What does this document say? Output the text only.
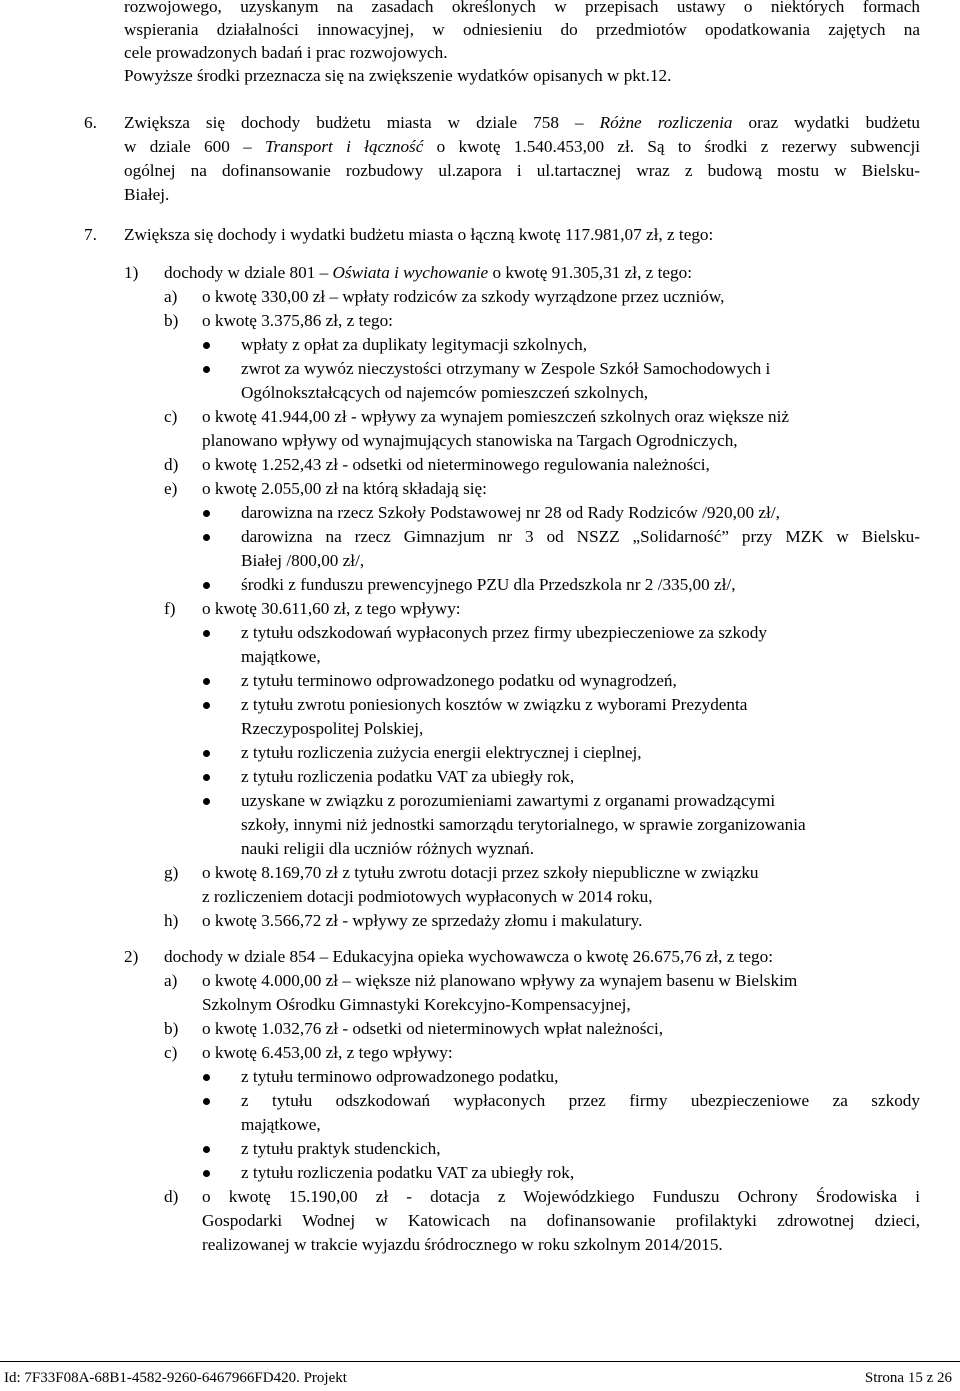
rozwojowego, uzyskanym na zasadach określonych w przepisach ustawy o niektórych formach
wspierania działalności innowacyjnej, w odniesieniu do przedmiotów opodatkowania zajętych na
cele prowadzonych badań i prac rozwojowych.
Powyższe środki przeznacza się na zwiększenie wydatków opisanych w pkt.12.
6. Zwiększa się dochody budżetu miasta w dziale 758 – Różne rozliczenia oraz wydatki budżetu
w dziale 600 – Transport i łączność o kwotę 1.540.453,00 zł. Są to środki z rezerwy subwencji
ogólnej na dofinansowanie rozbudowy ul.zapora i ul.tartacznej wraz z budową mostu w Bielsku-
Białej.
7. Zwiększa się dochody i wydatki budżetu miasta o łączną kwotę 117.981,07 zł, z tego:
1) dochody w dziale 801 – Oświata i wychowanie o kwotę 91.305,31 zł, z tego:
a) o kwotę 330,00 zł – wpłaty rodziców za szkody wyrządzone przez uczniów,
b) o kwotę 3.375,86 zł, z tego:
wpłaty z opłat za duplikaty legitymacji szkolnych,
zwrot za wywóz nieczystości otrzymany w Zespole Szkół Samochodowych i
Ogólnokształcących od najemców pomieszczeń szkolnych,
c) o kwotę 41.944,00 zł - wpływy za wynajem pomieszczeń szkolnych oraz większe niż
planowano wpływy od wynajmujących stanowiska na Targach Ogrodniczych,
d) o kwotę 1.252,43 zł - odsetki od nieterminowego regulowania należności,
e) o kwotę 2.055,00 zł na którą składają się:
darowizna na rzecz Szkoły Podstawowej nr 28 od Rady Rodziców /920,00 zł/,
darowizna na rzecz Gimnazjum nr 3 od NSZZ „Solidarność” przy MZK w Bielsku-
Białej /800,00 zł/,
środki z funduszu prewencyjnego PZU dla Przedszkola nr 2 /335,00 zł/,
f) o kwotę 30.611,60 zł, z tego wpływy:
z tytułu odszkodowań wypłaconych przez firmy ubezpieczeniowe za szkody
majątkowe,
z tytułu terminowo odprowadzonego podatku od wynagrodzeń,
z tytułu zwrotu poniesionych kosztów w związku z wyborami Prezydenta
Rzeczypospolitej Polskiej,
z tytułu rozliczenia zużycia energii elektrycznej i cieplnej,
z tytułu rozliczenia podatku VAT za ubiegły rok,
uzyskane w związku z porozumieniami zawartymi z organami prowadzącymi
szkoły, innymi niż jednostki samorządu terytorialnego, w sprawie zorganizowania
nauki religii dla uczniów różnych wyznań.
g) o kwotę 8.169,70 zł z tytułu zwrotu dotacji przez szkoły niepubliczne w związku
z rozliczeniem dotacji podmiotowych wypłaconych w 2014 roku,
h) o kwotę 3.566,72 zł - wpływy ze sprzedaży złomu i makulatury.
2) dochody w dziale 854 – Edukacyjna opieka wychowawcza o kwotę 26.675,76 zł, z tego:
a) o kwotę 4.000,00 zł – większe niż planowano wpływy za wynajem basenu w Bielskim
Szkolnym Ośrodku Gimnastyki Korekcyjno-Kompensacyjnej,
b) o kwotę 1.032,76 zł - odsetki od nieterminowych wpłat należności,
c) o kwotę 6.453,00 zł, z tego wpływy:
z tytułu terminowo odprowadzonego podatku,
z tytułu odszkodowań wypłaconych przez firmy ubezpieczeniowe za szkody
majątkowe,
z tytułu praktyk studenckich,
z tytułu rozliczenia podatku VAT za ubiegły rok,
d) o kwotę 15.190,00 zł - dotacja z Wojewódzkiego Funduszu Ochrony Środowiska i
Gospodarki Wodnej w Katowicach na dofinansowanie profilaktyki zdrowotnej dzieci,
realizowanej w trakcie wyjazdu śródrocznego w roku szkolnym 2014/2015.
Id: 7F33F08A-68B1-4582-9260-6467966FD420. Projekt	Strona 15 z 26
